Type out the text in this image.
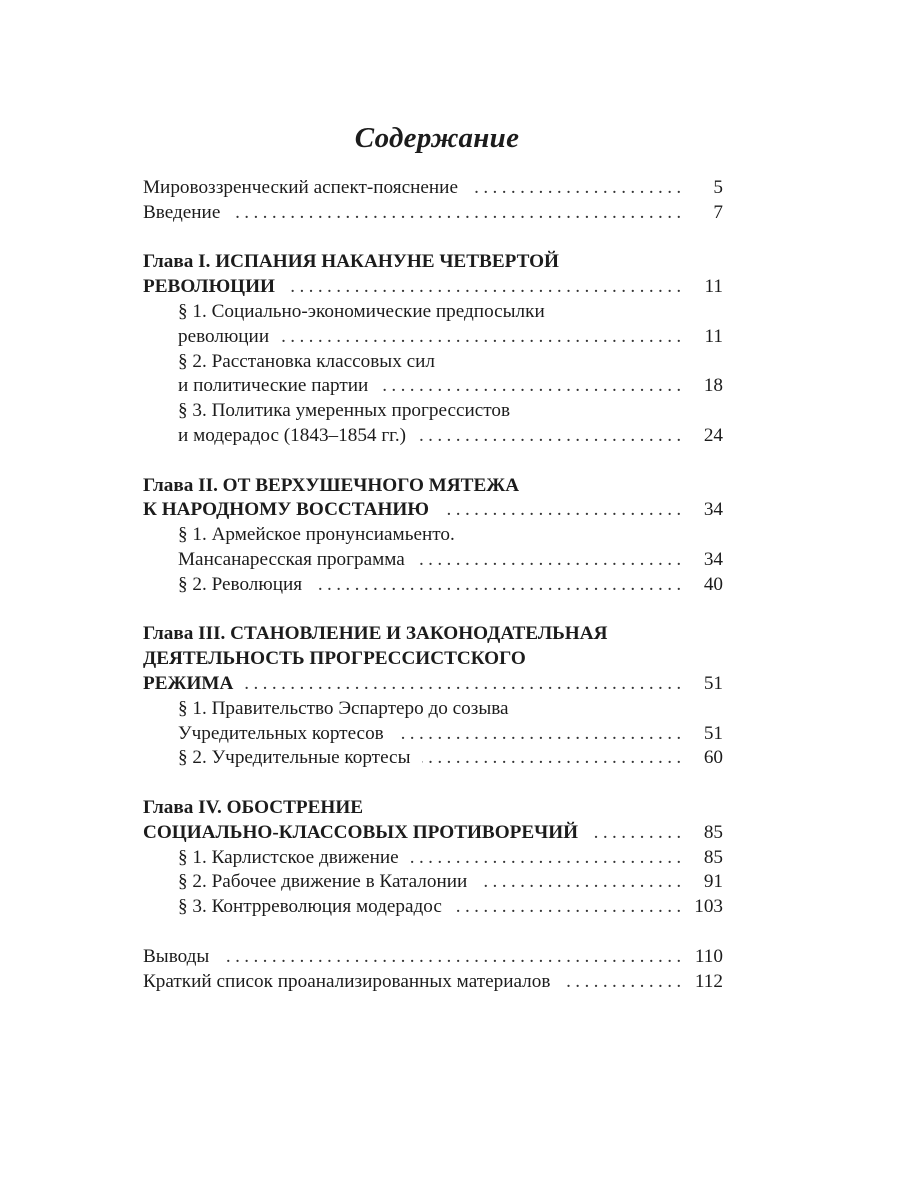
Содержание
Мировоззренческий аспект-пояснение . . .	5
Введение . . .	7
Глава I. ИСПАНИЯ НАКАНУНЕ ЧЕТВЕРТОЙ
РЕВОЛЮЦИИ . . .	11
§ 1. Социально-экономические предпосылки
революции . . .	11
§ 2. Расстановка классовых сил
и политические партии . . .	18
§ 3. Политика умеренных прогрессистов
и модерадос (1843–1854 гг.) . . .	24
Глава II. ОТ ВЕРХУШЕЧНОГО МЯТЕЖА
К НАРОДНОМУ ВОССТАНИЮ . . .	34
§ 1. Армейское пронунсиамьенто.
Мансанаресская программа . . .	34
§ 2. Революция . . .	40
Глава III. СТАНОВЛЕНИЕ И ЗАКОНОДАТЕЛЬНАЯ
ДЕЯТЕЛЬНОСТЬ ПРОГРЕССИСТСКОГО
РЕЖИМА . . .	51
§ 1. Правительство Эспартеро до созыва
Учредительных кортесов . . .	51
§ 2. Учредительные кортесы . . .	60
Глава IV. ОБОСТРЕНИЕ
СОЦИАЛЬНО-КЛАССОВЫХ ПРОТИВОРЕЧИЙ . . .	85
§ 1. Карлистское движение . . .	85
§ 2. Рабочее движение в Каталонии . . .	91
§ 3. Контрреволюция модерадос . . .	103
Выводы . . .	110
Краткий список проанализированных материалов . . .	112
